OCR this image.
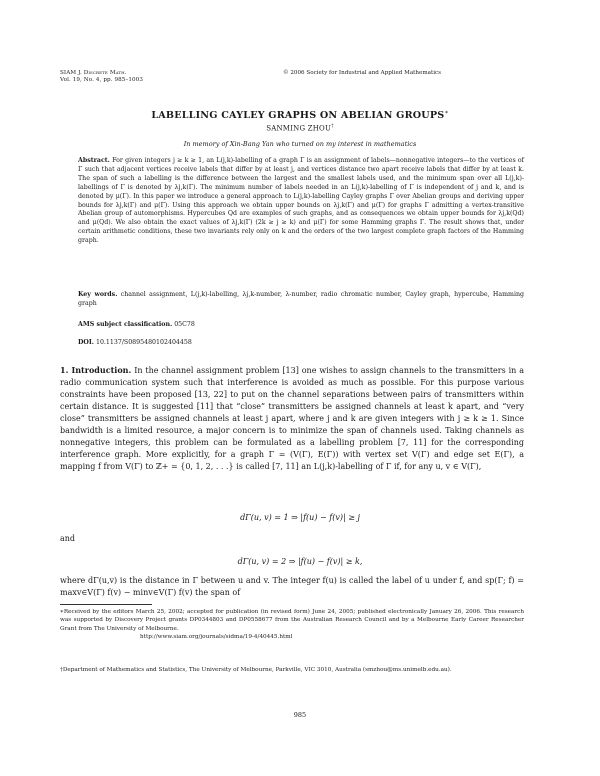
SIAM J. Discrete Math.
Vol. 19, No. 4, pp. 985–1003
© 2006 Society for Industrial and Applied Mathematics
LABELLING CAYLEY GRAPHS ON ABELIAN GROUPS∗
SANMING ZHOU†
In memory of Xin-Bang Yan who turned on my interest in mathematics

Abstract. For given integers j ≥ k ≥ 1, an L(j,k)-labelling of a graph Γ is an assignment of labels—nonnegative integers—to the vertices of Γ such that adjacent vertices receive labels that differ by at least j, and vertices distance two apart receive labels that differ by at least k. The span of such a labelling is the difference between the largest and the smallest labels used, and the minimum span over all L(j,k)-labellings of Γ is denoted by λj,k(Γ). The minimum number of labels needed in an L(j,k)-labelling of Γ is independent of j and k, and is denoted by μ(Γ). In this paper we introduce a general approach to L(j,k)-labelling Cayley graphs Γ over Abelian groups and deriving upper bounds for λj,k(Γ) and μ(Γ). Using this approach we obtain upper bounds on λj,k(Γ) and μ(Γ) for graphs Γ admitting a vertex-transitive Abelian group of automorphisms. Hypercubes Qd are examples of such graphs, and as consequences we obtain upper bounds for λj,k(Qd) and μ(Qd). We also obtain the exact values of λj,k(Γ) (2k ≥ j ≥ k) and μ(Γ) for some Hamming graphs Γ. The result shows that, under certain arithmetic conditions, these two invariants rely only on k and the orders of the two largest complete graph factors of the Hamming graph.

Key words. channel assignment, L(j,k)-labelling, λj,k-number, λ-number, radio chromatic number, Cayley graph, hypercube, Hamming graph

AMS subject classification. 05C78
DOI. 10.1137/S0895480102404458

1. Introduction. In the channel assignment problem [13] one wishes to assign channels to the transmitters in a radio communication system such that interference is avoided as much as possible. For this purpose various constraints have been proposed [13, 22] to put on the channel separations between pairs of transmitters within certain distance. It is suggested [11] that “close” transmitters be assigned channels at least k apart, and “very close” transmitters be assigned channels at least j apart, where j and k are given integers with j ≥ k ≥ 1. Since bandwidth is a limited resource, a major concern is to minimize the span of channels used. Taking channels as nonnegative integers, this problem can be formulated as a labelling problem [7, 11] for the corresponding interference graph. More explicitly, for a graph Γ = (V(Γ), E(Γ)) with vertex set V(Γ) and edge set E(Γ), a mapping f from V(Γ) to ℤ+ = {0, 1, 2, . . .} is called [7, 11] an L(j,k)-labelling of Γ if, for any u, v ∈ V(Γ),

dΓ(u, v) = 1 ⇒ |f(u) − f(v)| ≥ j
and
dΓ(u, v) = 2 ⇒ |f(u) − f(v)| ≥ k,

where dΓ(u,v) is the distance in Γ between u and v. The integer f(u) is called the label of u under f, and sp(Γ; f) = maxv∈V(Γ) f(v) − minv∈V(Γ) f(v) the span of

∗Received by the editors March 25, 2002; accepted for publication (in revised form) June 24, 2005; published electronically January 26, 2006. This research was supported by Discovery Project grants DP0344803 and DP0558677 from the Australian Research Council and by a Melbourne Early Career Researcher Grant from The University of Melbourne.
http://www.siam.org/journals/sidma/19-4/40445.html
†Department of Mathematics and Statistics, The University of Melbourne, Parkville, VIC 3010, Australia (smzhou@ms.unimelb.edu.au).
985
